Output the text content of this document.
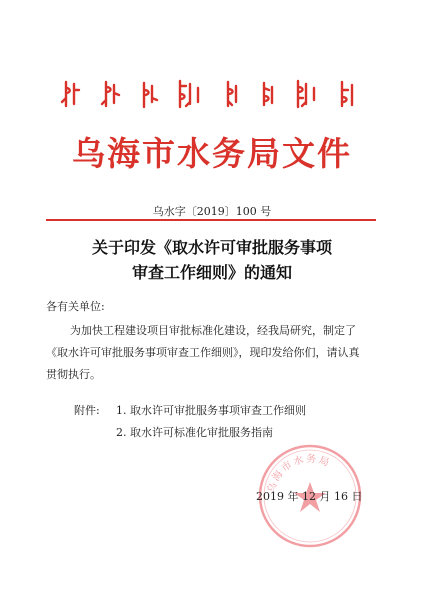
乌海市水务局文件
乌水字〔2019〕100 号
关于印发《取水许可审批服务事项
审查工作细则》的通知
各有关单位:
为加快工程建设项目审批标准化建设，经我局研究，制定了
《取水许可审批服务事项审查工作细则》，现印发给你们，请认真
贯彻执行。
附件: 1. 取水许可审批服务事项审查工作细则
2. 取水许可标准化审批服务指南
乌海市水务局
2019 年 12 月 16 日
